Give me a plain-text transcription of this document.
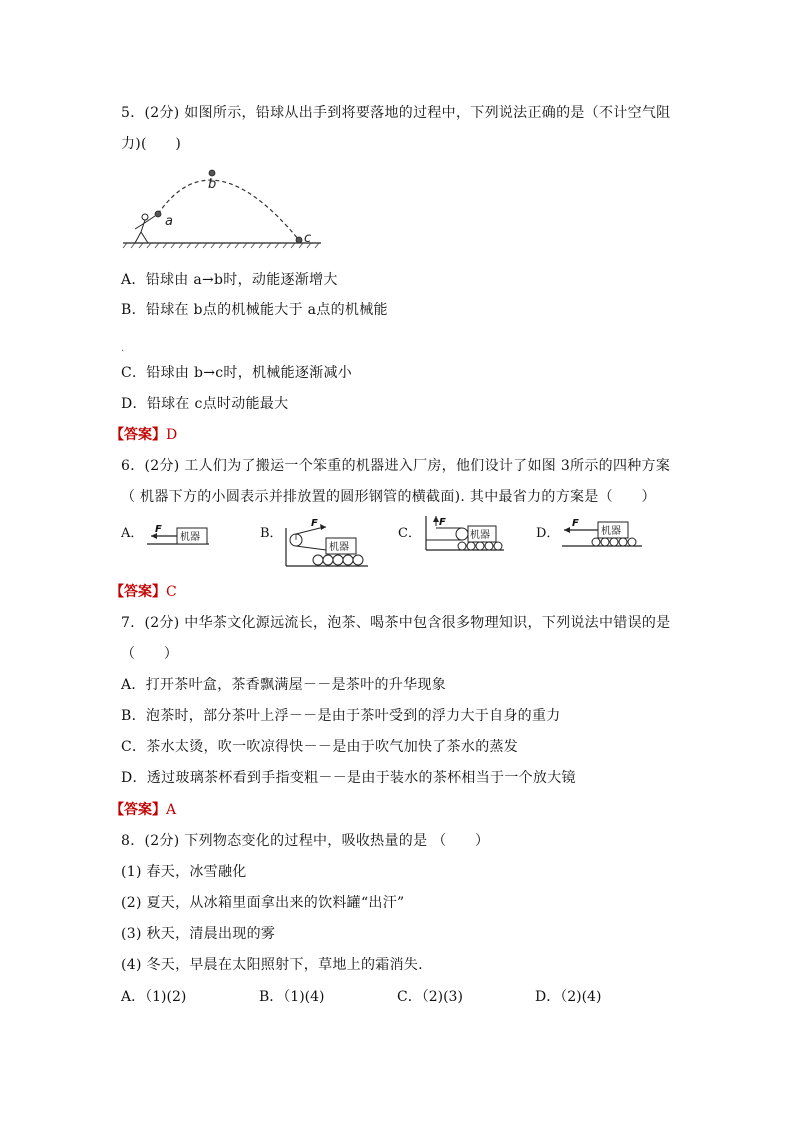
5．(2分) 如图所示，铅球从出手到将要落地的过程中，下列说法正确的是（不计空气阻
力)(　　)
a
b
c
A．铅球由 a→b时，动能逐渐增大
B．铅球在 b点的机械能大于 a点的机械能
.
C．铅球由 b→c时，机械能逐渐减小
D．铅球在 c点时动能最大
【答案】D
6．(2分) 工人们为了搬运一个笨重的机器进入厂房，他们设计了如图 3所示的四种方案
（ 机器下方的小圆表示并排放置的圆形钢管的横截面). 其中最省力的方案是（　　）
A．	机器
F	B．
F
机器
C．
F
机器	D．	机器
F
【答案】C
7．(2分) 中华茶文化源远流长，泡茶、喝茶中包含很多物理知识，下列说法中错误的是
（　　）
A．打开茶叶盒，茶香飘满屋－－是茶叶的升华现象
B．泡茶时，部分茶叶上浮－－是由于茶叶受到的浮力大于自身的重力
C．茶水太烫，吹一吹凉得快－－是由于吹气加快了茶水的蒸发
D．透过玻璃茶杯看到手指变粗－－是由于装水的茶杯相当于一个放大镜
【答案】A
8．(2分) 下列物态变化的过程中，吸收热量的是 （　　）
(1) 春天，冰雪融化
(2) 夏天，从冰箱里面拿出来的饮料罐“出汗”
(3) 秋天，清晨出现的雾
(4) 冬天，早晨在太阳照射下，草地上的霜消失.
A．（1)(2)	B．（1)(4)	C．（2)(3)	D．（2)(4)
